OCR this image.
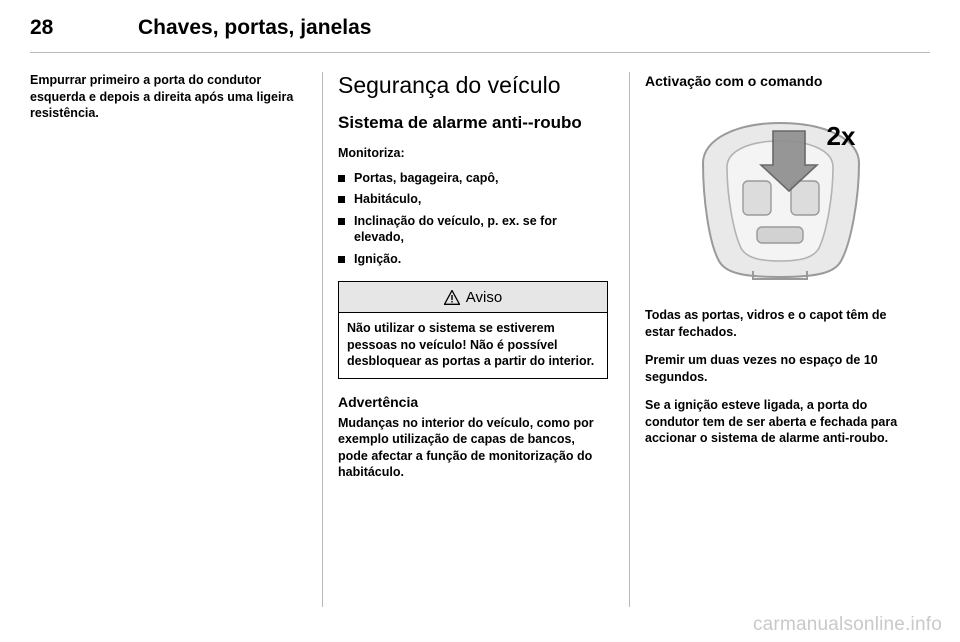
28	Chaves, portas, janelas

Empurrar primeiro a porta do condutor esquerda e depois a direita após uma ligeira resistência.

Segurança do veículo
Sistema de alarme anti--roubo

Monitoriza:

Portas, bagageira, capô,
Habitáculo,
Inclinação do veículo, p. ex. se for elevado,
Ignição.
Aviso

Não utilizar o sistema se estiverem pessoas no veículo! Não é possível desbloquear as portas a partir do interior.

Advertência

Mudanças no interior do veículo, como por exemplo utilização de capas de bancos, pode afectar a função de monitorização do habitáculo.

Activação com o comando
2x

Todas as portas, vidros e o capot têm de estar fechados.

Premir um duas vezes no espaço de 10 segundos.

Se a ignição esteve ligada, a porta do condutor tem de ser aberta e fechada para accionar o sistema de alarme anti-roubo.

carmanualsonline.info
